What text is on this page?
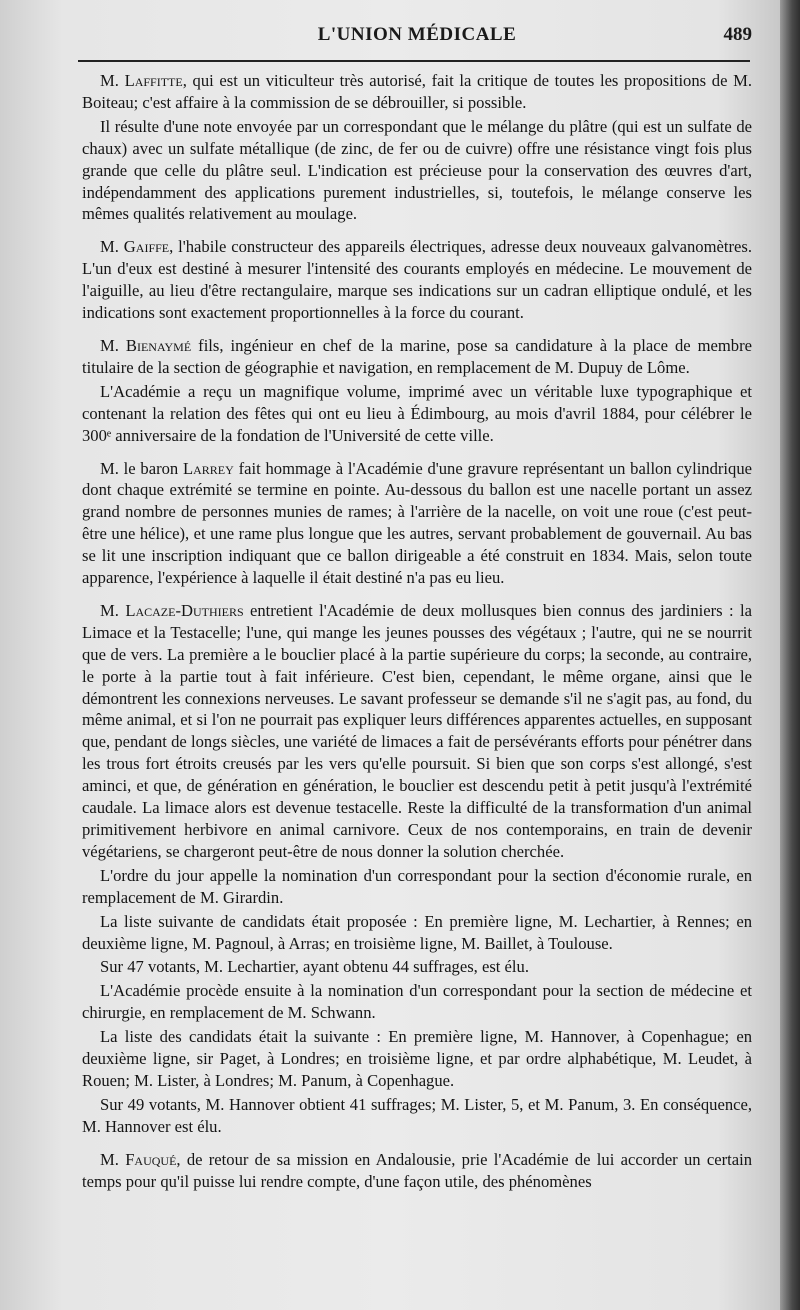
L'UNION MÉDICALE	489

M. Laffitte, qui est un viticulteur très autorisé, fait la critique de toutes les propositions de M. Boiteau; c'est affaire à la commission de se débrouiller, si possible.

Il résulte d'une note envoyée par un correspondant que le mélange du plâtre (qui est un sulfate de chaux) avec un sulfate métallique (de zinc, de fer ou de cuivre) offre une résistance vingt fois plus grande que celle du plâtre seul. L'indication est précieuse pour la conservation des œuvres d'art, indépendamment des applications purement industrielles, si, toutefois, le mélange conserve les mêmes qualités relativement au moulage.

M. Gaiffe, l'habile constructeur des appareils électriques, adresse deux nouveaux galvanomètres. L'un d'eux est destiné à mesurer l'intensité des courants employés en médecine. Le mouvement de l'aiguille, au lieu d'être rectangulaire, marque ses indications sur un cadran elliptique ondulé, et les indications sont exactement proportionnelles à la force du courant.

M. Bienaymé fils, ingénieur en chef de la marine, pose sa candidature à la place de membre titulaire de la section de géographie et navigation, en remplacement de M. Dupuy de Lôme.

L'Académie a reçu un magnifique volume, imprimé avec un véritable luxe typographique et contenant la relation des fêtes qui ont eu lieu à Édimbourg, au mois d'avril 1884, pour célébrer le 300ᵉ anniversaire de la fondation de l'Université de cette ville.

M. le baron Larrey fait hommage à l'Académie d'une gravure représentant un ballon cylindrique dont chaque extrémité se termine en pointe. Au-dessous du ballon est une nacelle portant un assez grand nombre de personnes munies de rames; à l'arrière de la nacelle, on voit une roue (c'est peut-être une hélice), et une rame plus longue que les autres, servant probablement de gouvernail. Au bas se lit une inscription indiquant que ce ballon dirigeable a été construit en 1834. Mais, selon toute apparence, l'expérience à laquelle il était destiné n'a pas eu lieu.

M. Lacaze-Duthiers entretient l'Académie de deux mollusques bien connus des jardiniers : la Limace et la Testacelle; l'une, qui mange les jeunes pousses des végétaux ; l'autre, qui ne se nourrit que de vers. La première a le bouclier placé à la partie supérieure du corps; la seconde, au contraire, le porte à la partie tout à fait inférieure. C'est bien, cependant, le même organe, ainsi que le démontrent les connexions nerveuses. Le savant professeur se demande s'il ne s'agit pas, au fond, du même animal, et si l'on ne pourrait pas expliquer leurs différences apparentes actuelles, en supposant que, pendant de longs siècles, une variété de limaces a fait de persévérants efforts pour pénétrer dans les trous fort étroits creusés par les vers qu'elle poursuit. Si bien que son corps s'est allongé, s'est aminci, et que, de génération en génération, le bouclier est descendu petit à petit jusqu'à l'extrémité caudale. La limace alors est devenue testacelle. Reste la difficulté de la transformation d'un animal primitivement herbivore en animal carnivore. Ceux de nos contemporains, en train de devenir végétariens, se chargeront peut-être de nous donner la solution cherchée.

L'ordre du jour appelle la nomination d'un correspondant pour la section d'économie rurale, en remplacement de M. Girardin.

La liste suivante de candidats était proposée : En première ligne, M. Lechartier, à Rennes; en deuxième ligne, M. Pagnoul, à Arras; en troisième ligne, M. Baillet, à Toulouse.

Sur 47 votants, M. Lechartier, ayant obtenu 44 suffrages, est élu.

L'Académie procède ensuite à la nomination d'un correspondant pour la section de médecine et chirurgie, en remplacement de M. Schwann.

La liste des candidats était la suivante : En première ligne, M. Hannover, à Copenhague; en deuxième ligne, sir Paget, à Londres; en troisième ligne, et par ordre alphabétique, M. Leudet, à Rouen; M. Lister, à Londres; M. Panum, à Copenhague.

Sur 49 votants, M. Hannover obtient 41 suffrages; M. Lister, 5, et M. Panum, 3. En conséquence, M. Hannover est élu.

M. Fauqué, de retour de sa mission en Andalousie, prie l'Académie de lui accorder un certain temps pour qu'il puisse lui rendre compte, d'une façon utile, des phénomènes
